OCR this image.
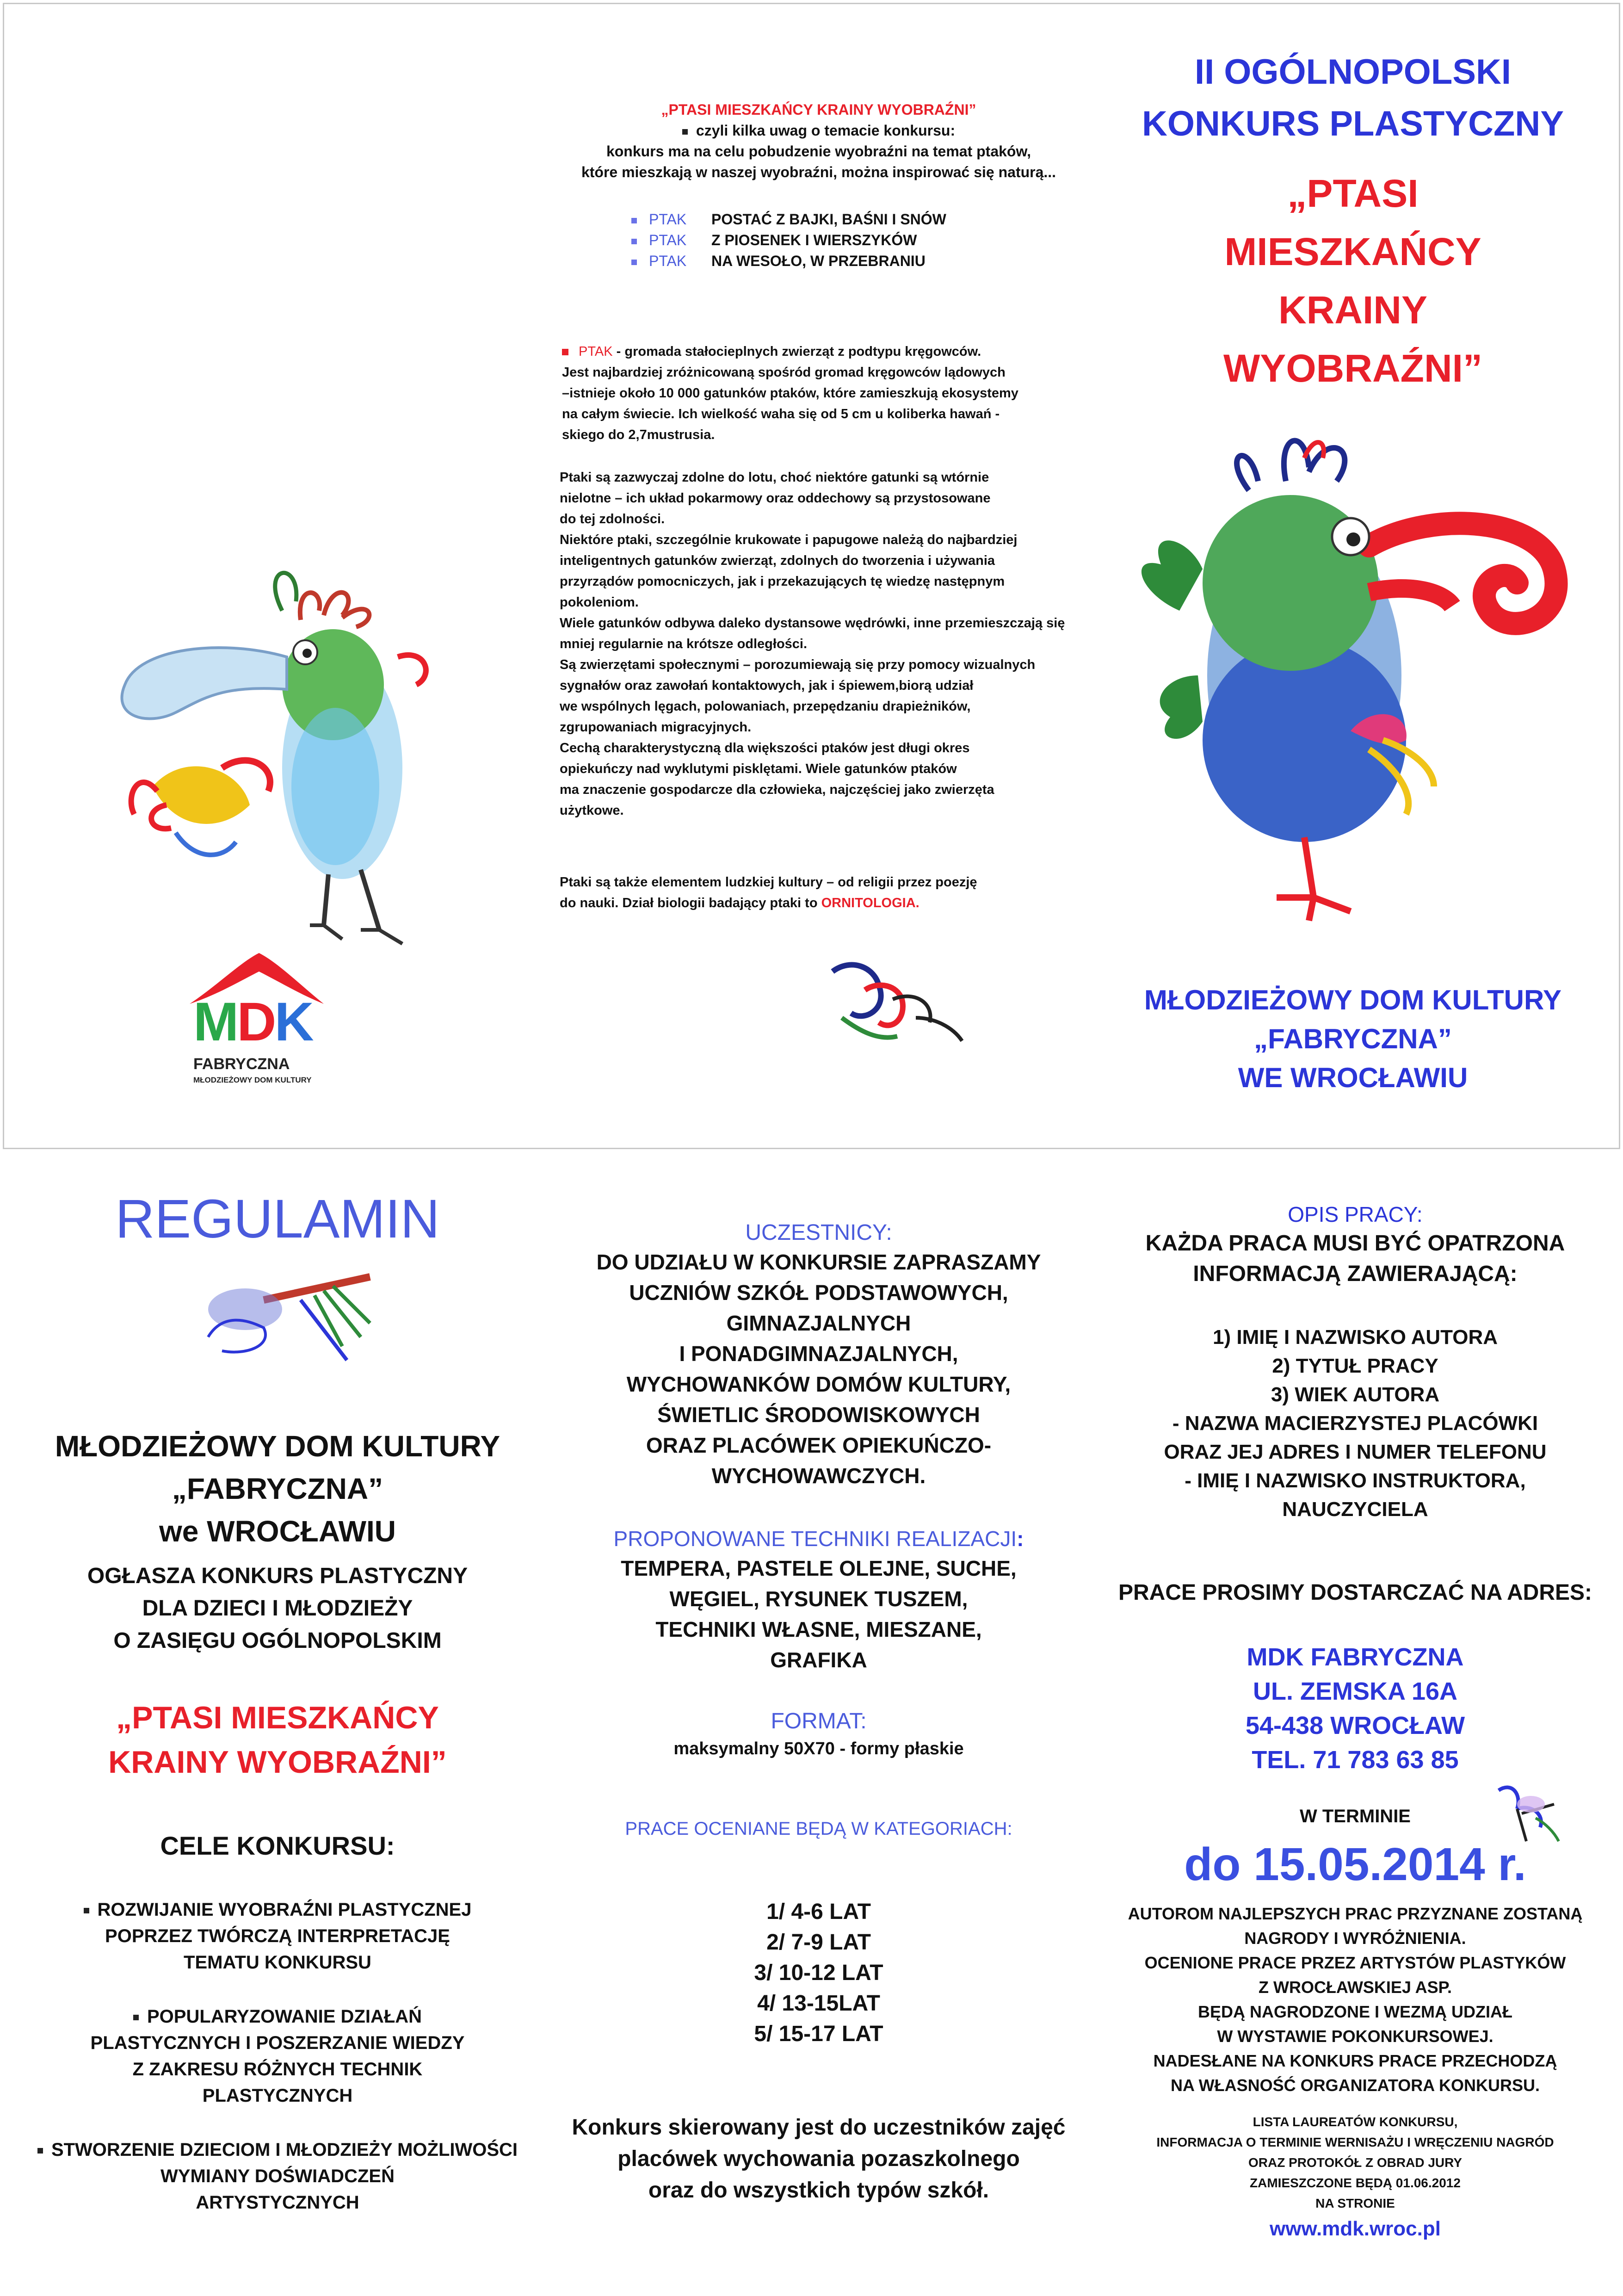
„PTASI MIESZKAŃCY KRAINY WYOBRAŹNI”
czyli kilka uwag o temacie konkursu:
konkurs ma na celu pobudzenie wyobraźni na temat ptaków,
które mieszkają w naszej wyobraźni, można inspirować się naturą...
PTAK POSTAĆ Z BAJKI, BAŚNI I SNÓW
PTAK Z PIOSENEK I WIERSZYKÓW
PTAK NA WESOŁO, W PRZEBRANIU
PTAK - gromada stałocieplnych zwierząt z podtypu kręgowców.
Jest najbardziej zróżnicowaną spośród gromad kręgowców lądowych
–istnieje około 10 000 gatunków ptaków, które zamieszkują ekosystemy
na całym świecie. Ich wielkość waha się od 5 cm u koliberka hawań -
skiego do 2,7mustrusia.
Ptaki są zazwyczaj zdolne do lotu, choć niektóre gatunki są wtórnie
nielotne – ich układ pokarmowy oraz oddechowy są przystosowane
do tej zdolności.
Niektóre ptaki, szczególnie krukowate i papugowe należą do najbardziej
inteligentnych gatunków zwierząt, zdolnych do tworzenia i używania
przyrządów pomocniczych, jak i przekazujących tę wiedzę następnym
pokoleniom.
Wiele gatunków odbywa daleko dystansowe wędrówki, inne przemieszczają się
mniej regularnie na krótsze odległości.
Są zwierzętami społecznymi – porozumiewają się przy pomocy wizualnych
sygnałów oraz zawołań kontaktowych, jak i śpiewem,biorą udział
we wspólnych lęgach, polowaniach, przepędzaniu drapieżników,
zgrupowaniach migracyjnych.
Cechą charakterystyczną dla większości ptaków jest długi okres
opiekuńczy nad wyklutymi pisklętami. Wiele gatunków ptaków
ma znaczenie gospodarcze dla człowieka, najczęściej jako zwierzęta
użytkowe.
Ptaki są także elementem ludzkiej kultury – od religii przez poezję
do nauki. Dział biologii badający ptaki to ORNITOLOGIA.
II OGÓLNOPOLSKI
KONKURS PLASTYCZNY
„PTASI
MIESZKAŃCY
KRAINY
WYOBRAŹNI”
MŁODZIEŻOWY DOM KULTURY
„FABRYCZNA”
WE WROCŁAWIU
MDK
FABRYCZNA
MŁODZIEŻOWY DOM KULTURY
REGULAMIN
MŁODZIEŻOWY DOM KULTURY
„FABRYCZNA”
we WROCŁAWIU
OGŁASZA KONKURS PLASTYCZNY
DLA DZIECI I MŁODZIEŻY
O ZASIĘGU OGÓLNOPOLSKIM
„PTASI MIESZKAŃCY
KRAINY WYOBRAŹNI”
CELE KONKURSU:
ROZWIJANIE WYOBRAŹNI PLASTYCZNEJ
POPRZEZ TWÓRCZĄ INTERPRETACJĘ
TEMATU KONKURSU
POPULARYZOWANIE DZIAŁAŃ
PLASTYCZNYCH I POSZERZANIE WIEDZY
Z ZAKRESU RÓŻNYCH TECHNIK
PLASTYCZNYCH
STWORZENIE DZIECIOM I MŁODZIEŻY MOŻLIWOŚCI
WYMIANY DOŚWIADCZEŃ
ARTYSTYCZNYCH
UCZESTNICY:
DO UDZIAŁU W KONKURSIE ZAPRASZAMY
UCZNIÓW SZKÓŁ PODSTAWOWYCH,
GIMNAZJALNYCH
I PONADGIMNAZJALNYCH,
WYCHOWANKÓW DOMÓW KULTURY,
ŚWIETLIC ŚRODOWISKOWYCH
ORAZ PLACÓWEK OPIEKUŃCZO-
WYCHOWAWCZYCH.
PROPONOWANE TECHNIKI REALIZACJI:
TEMPERA, PASTELE OLEJNE, SUCHE,
WĘGIEL, RYSUNEK TUSZEM,
TECHNIKI WŁASNE, MIESZANE,
GRAFIKA
FORMAT:
maksymalny 50X70 - formy płaskie
PRACE OCENIANE BĘDĄ W KATEGORIACH:
1/ 4-6 LAT
2/ 7-9 LAT
3/ 10-12 LAT
4/ 13-15LAT
5/ 15-17 LAT
Konkurs skierowany jest do uczestników zajęć
placówek wychowania pozaszkolnego
oraz do wszystkich typów szkół.
OPIS PRACY:
KAŻDA PRACA MUSI BYĆ OPATRZONA
INFORMACJĄ ZAWIERAJĄCĄ:
1) IMIĘ I NAZWISKO AUTORA
2) TYTUŁ PRACY
3) WIEK AUTORA
- NAZWA MACIERZYSTEJ PLACÓWKI
ORAZ JEJ ADRES I NUMER TELEFONU
- IMIĘ I NAZWISKO INSTRUKTORA,
NAUCZYCIELA
PRACE PROSIMY DOSTARCZAĆ NA ADRES:
MDK FABRYCZNA
UL. ZEMSKA 16A
54-438 WROCŁAW
TEL. 71 783 63 85
W TERMINIE
do 15.05.2014 r.
AUTOROM NAJLEPSZYCH PRAC PRZYZNANE ZOSTANĄ
NAGRODY I WYRÓŻNIENIA.
OCENIONE PRACE PRZEZ ARTYSTÓW PLASTYKÓW
Z WROCŁAWSKIEJ ASP.
BĘDĄ NAGRODZONE I WEZMĄ UDZIAŁ
W WYSTAWIE POKONKURSOWEJ.
NADESŁANE NA KONKURS PRACE PRZECHODZĄ
NA WŁASNOŚĆ ORGANIZATORA KONKURSU.
LISTA LAUREATÓW KONKURSU,
INFORMACJA O TERMINIE WERNISAŻU I WRĘCZENIU NAGRÓD
ORAZ PROTOKÓŁ Z OBRAD JURY
ZAMIESZCZONE BĘDĄ 01.06.2012
NA STRONIE
www.mdk.wroc.pl
